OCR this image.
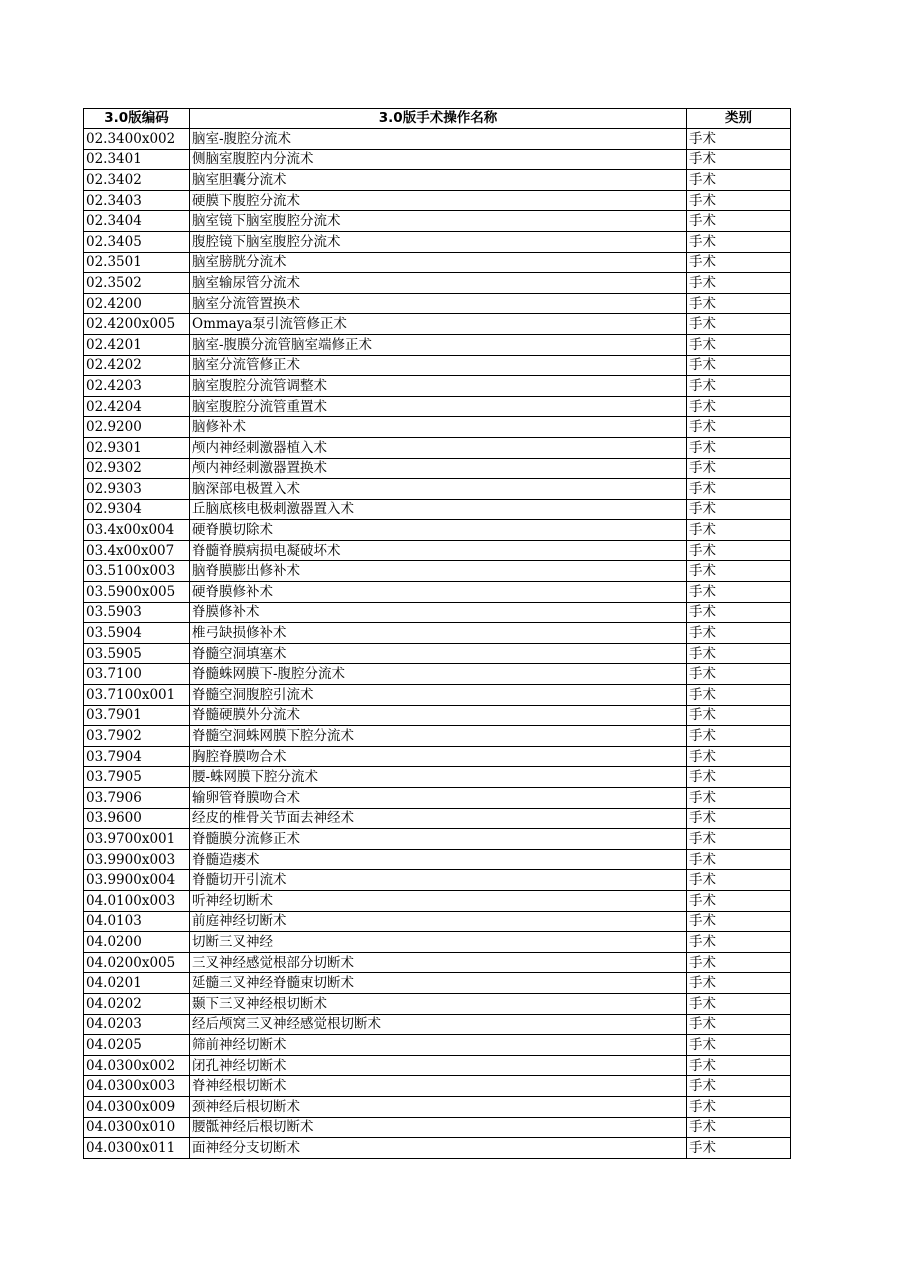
3.0版编码	3.0版手术操作名称	类别
02.3400x002	脑室-腹腔分流术	手术
02.3401	侧脑室腹腔内分流术	手术
02.3402	脑室胆囊分流术	手术
02.3403	硬膜下腹腔分流术	手术
02.3404	脑室镜下脑室腹腔分流术	手术
02.3405	腹腔镜下脑室腹腔分流术	手术
02.3501	脑室膀胱分流术	手术
02.3502	脑室输尿管分流术	手术
02.4200	脑室分流管置换术	手术
02.4200x005	Ommaya泵引流管修正术	手术
02.4201	脑室-腹膜分流管脑室端修正术	手术
02.4202	脑室分流管修正术	手术
02.4203	脑室腹腔分流管调整术	手术
02.4204	脑室腹腔分流管重置术	手术
02.9200	脑修补术	手术
02.9301	颅内神经刺激器植入术	手术
02.9302	颅内神经刺激器置换术	手术
02.9303	脑深部电极置入术	手术
02.9304	丘脑底核电极刺激器置入术	手术
03.4x00x004	硬脊膜切除术	手术
03.4x00x007	脊髓脊膜病损电凝破坏术	手术
03.5100x003	脑脊膜膨出修补术	手术
03.5900x005	硬脊膜修补术	手术
03.5903	脊膜修补术	手术
03.5904	椎弓缺损修补术	手术
03.5905	脊髓空洞填塞术	手术
03.7100	脊髓蛛网膜下-腹腔分流术	手术
03.7100x001	脊髓空洞腹腔引流术	手术
03.7901	脊髓硬膜外分流术	手术
03.7902	脊髓空洞蛛网膜下腔分流术	手术
03.7904	胸腔脊膜吻合术	手术
03.7905	腰-蛛网膜下腔分流术	手术
03.7906	输卵管脊膜吻合术	手术
03.9600	经皮的椎骨关节面去神经术	手术
03.9700x001	脊髓膜分流修正术	手术
03.9900x003	脊髓造瘘术	手术
03.9900x004	脊髓切开引流术	手术
04.0100x003	听神经切断术	手术
04.0103	前庭神经切断术	手术
04.0200	切断三叉神经	手术
04.0200x005	三叉神经感觉根部分切断术	手术
04.0201	延髓三叉神经脊髓束切断术	手术
04.0202	颞下三叉神经根切断术	手术
04.0203	经后颅窝三叉神经感觉根切断术	手术
04.0205	筛前神经切断术	手术
04.0300x002	闭孔神经切断术	手术
04.0300x003	脊神经根切断术	手术
04.0300x009	颈神经后根切断术	手术
04.0300x010	腰骶神经后根切断术	手术
04.0300x011	面神经分支切断术	手术
